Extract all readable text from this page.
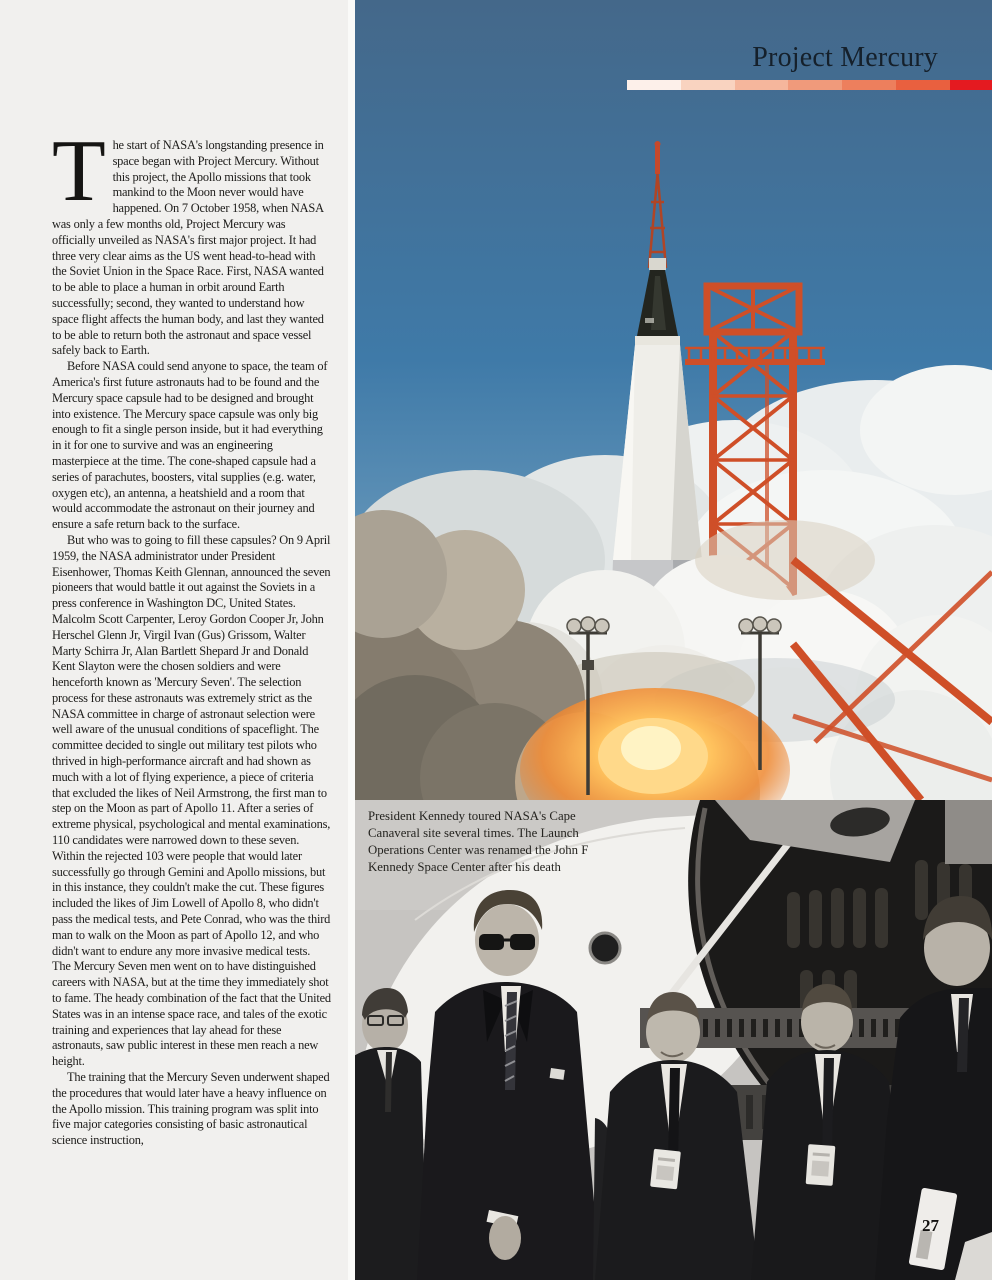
Project Mercury

The start of NASA's longstanding presence in space began with Project Mercury. Without this project, the Apollo missions that took mankind to the Moon never would have happened. On 7 October 1958, when NASA was only a few months old, Project Mercury was officially unveiled as NASA's first major project. It had three very clear aims as the US went head-to-head with the Soviet Union in the Space Race. First, NASA wanted to be able to place a human in orbit around Earth successfully; second, they wanted to understand how space flight affects the human body, and last they wanted to be able to return both the astronaut and space vessel safely back to Earth.

Before NASA could send anyone to space, the team of America's first future astronauts had to be found and the Mercury space capsule had to be designed and brought into existence. The Mercury space capsule was only big enough to fit a single person inside, but it had everything in it for one to survive and was an engineering masterpiece at the time. The cone-shaped capsule had a series of parachutes, boosters, vital supplies (e.g. water, oxygen etc), an antenna, a heatshield and a room that would accommodate the astronaut on their journey and ensure a safe return back to the surface.

But who was to going to fill these capsules? On 9 April 1959, the NASA administrator under President Eisenhower, Thomas Keith Glennan, announced the seven pioneers that would battle it out against the Soviets in a press conference in Washington DC, United States. Malcolm Scott Carpenter, Leroy Gordon Cooper Jr, John Herschel Glenn Jr, Virgil Ivan (Gus) Grissom, Walter Marty Schirra Jr, Alan Bartlett Shepard Jr and Donald Kent Slayton were the chosen soldiers and were henceforth known as 'Mercury Seven'. The selection process for these astronauts was extremely strict as the NASA committee in charge of astronaut selection were well aware of the unusual conditions of spaceflight. The committee decided to single out military test pilots who thrived in high-performance aircraft and had shown as much with a lot of flying experience, a piece of criteria that excluded the likes of Neil Armstrong, the first man to step on the Moon as part of Apollo 11. After a series of extreme physical, psychological and mental examinations, 110 candidates were narrowed down to these seven. Within the rejected 103 were people that would later successfully go through Gemini and Apollo missions, but in this instance, they couldn't make the cut. These figures included the likes of Jim Lowell of Apollo 8, who didn't pass the medical tests, and Pete Conrad, who was the third man to walk on the Moon as part of Apollo 12, and who didn't want to endure any more invasive medical tests. The Mercury Seven men went on to have distinguished careers with NASA, but at the time they immediately shot to fame. The heady combination of the fact that the United States was in an intense space race, and tales of the exotic training and experiences that lay ahead for these astronauts, saw public interest in these men reach a new height.

The training that the Mercury Seven underwent shaped the procedures that would later have a heavy influence on the Apollo mission. This training program was split into five major categories consisting of basic astronautical science instruction,

President Kennedy toured NASA's Cape Canaveral site several times. The Launch Operations Center was renamed the John F Kennedy Space Center after his death
27
